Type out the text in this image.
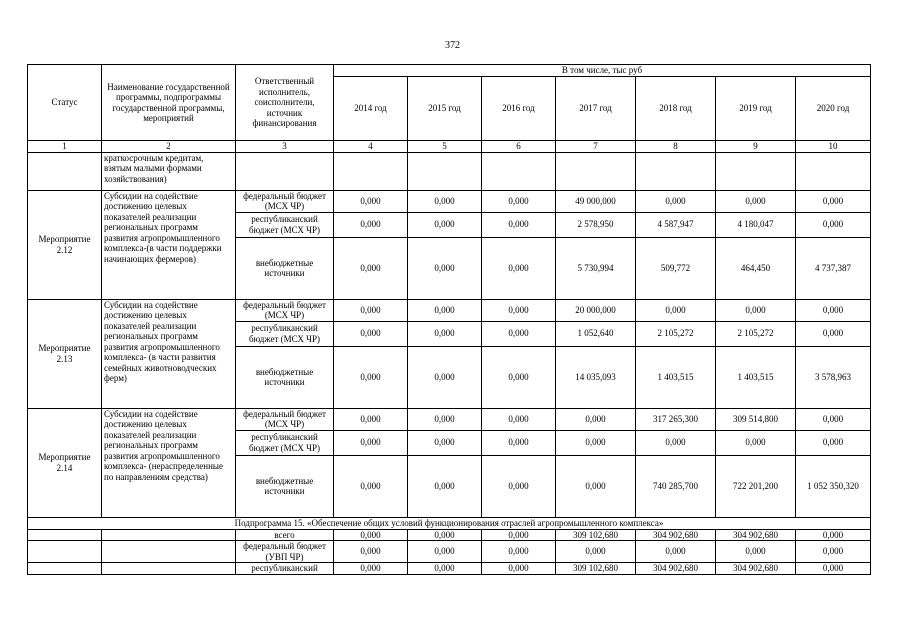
372
Статус	Наименование государственной программы, подпрограммы государственной программы, мероприятий	Ответственный исполнитель, соисполнители, источник финансирования	В том числе, тыс руб						
			2014 год	2015 год	2016 год	2017 год	2018 год	2019 год	2020 год
1	2	3	4	5	6	7	8	9	10
	краткосрочным кредитам, взятым малыми формами хозяйствования)								
Мероприятие 2.12	Субсидии на содействие достижению целевых показателей реализации региональных программ развития агропромышленного комплекса-(в части поддержки начинающих фермеров)	федеральный бюджет (МСХ ЧР)	0,000	0,000	0,000	49 000,000	0,000	0,000	0,000
		республиканский бюджет (МСХ ЧР)	0,000	0,000	0,000	2 578,950	4 587,947	4 180,047	0,000
		внебюджетные источники	0,000	0,000	0,000	5 730,994	509,772	464,450	4 737,387
Мероприятие 2.13	Субсидии на содействие достижению целевых показателей реализации региональных программ развития агропромышленного комплекса- (в части развития семейных животноводческих ферм)	федеральный бюджет (МСХ ЧР)	0,000	0,000	0,000	20 000,000	0,000	0,000	0,000
		республиканский бюджет (МСХ ЧР)	0,000	0,000	0,000	1 052,640	2 105,272	2 105,272	0,000
		внебюджетные источники	0,000	0,000	0,000	14 035,093	1 403,515	1 403,515	3 578,963
Мероприятие 2.14	Субсидии на содействие достижению целевых показателей реализации региональных программ развития агропромышленного комплекса- (нераспределенные по направлениям средства)	федеральный бюджет (МСХ ЧР)	0,000	0,000	0,000	0,000	317 265,300	309 514,800	0,000
		республиканский бюджет (МСХ ЧР)	0,000	0,000	0,000	0,000	0,000	0,000	0,000
		внебюджетные источники	0,000	0,000	0,000	0,000	740 285,700	722 201,200	1 052 350,320
Подпрограмма 15. «Обеспечение общих условий функционирования отраслей агропромышленного комплекса»									
		всего	0,000	0,000	0,000	309 102,680	304 902,680	304 902,680	0,000
		федеральный бюджет (УВП ЧР)	0,000	0,000	0,000	0,000	0,000	0,000	0,000
		республиканский	0,000	0,000	0,000	309 102,680	304 902,680	304 902,680	0,000
